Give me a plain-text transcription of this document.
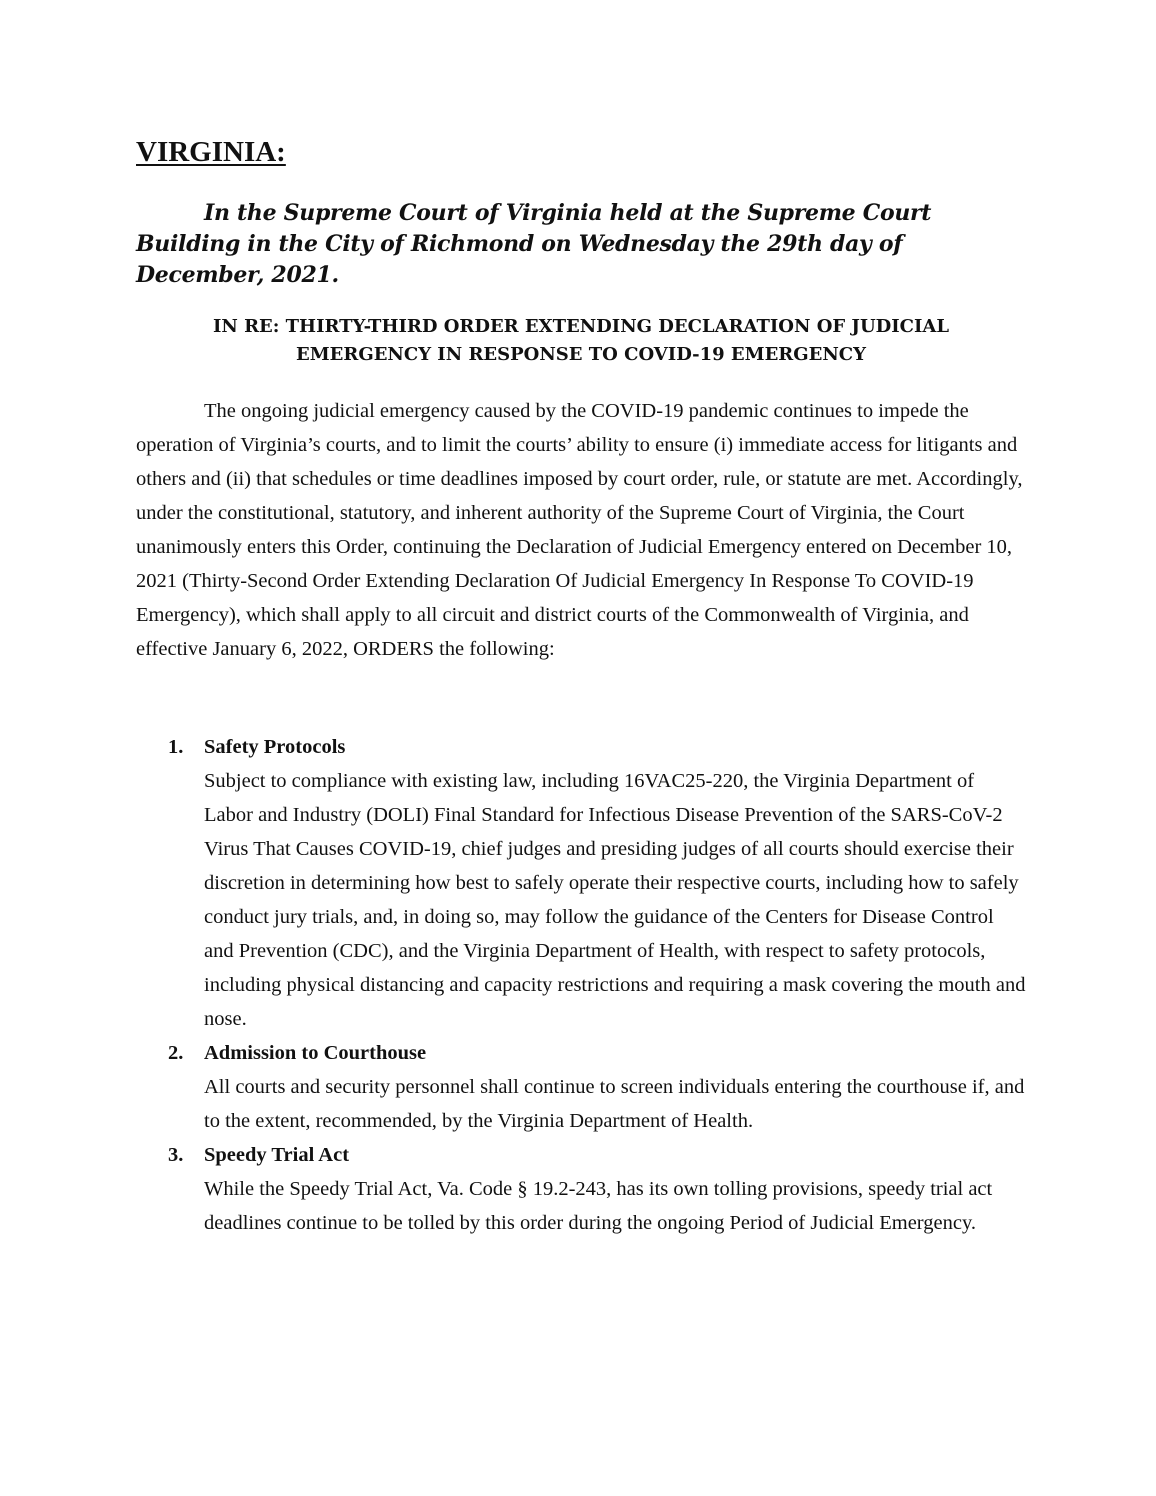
VIRGINIA:

In the Supreme Court of Virginia held at the Supreme Court Building in the City of Richmond on Wednesday the 29th day of December, 2021.

IN RE: THIRTY-THIRD ORDER EXTENDING DECLARATION OF JUDICIAL
EMERGENCY IN RESPONSE TO COVID-19 EMERGENCY

The ongoing judicial emergency caused by the COVID-19 pandemic continues to impede the operation of Virginia’s courts, and to limit the courts’ ability to ensure (i) immediate access for litigants and others and (ii) that schedules or time deadlines imposed by court order, rule, or statute are met. Accordingly, under the constitutional, statutory, and inherent authority of the Supreme Court of Virginia, the Court unanimously enters this Order, continuing the Declaration of Judicial Emergency entered on December 10, 2021 (Thirty-Second Order Extending Declaration Of Judicial Emergency In Response To COVID-19 Emergency), which shall apply to all circuit and district courts of the Commonwealth of Virginia, and effective January 6, 2022, ORDERS the following:

1. Safety Protocols
Subject to compliance with existing law, including 16VAC25-220, the Virginia Department of Labor and Industry (DOLI) Final Standard for Infectious Disease Prevention of the SARS-CoV-2 Virus That Causes COVID-19, chief judges and presiding judges of all courts should exercise their discretion in determining how best to safely operate their respective courts, including how to safely conduct jury trials, and, in doing so, may follow the guidance of the Centers for Disease Control and Prevention (CDC), and the Virginia Department of Health, with respect to safety protocols, including physical distancing and capacity restrictions and requiring a mask covering the mouth and nose.
2. Admission to Courthouse
All courts and security personnel shall continue to screen individuals entering the courthouse if, and to the extent, recommended, by the Virginia Department of Health.
3. Speedy Trial Act
While the Speedy Trial Act, Va. Code § 19.2-243, has its own tolling provisions, speedy trial act deadlines continue to be tolled by this order during the ongoing Period of Judicial Emergency.
